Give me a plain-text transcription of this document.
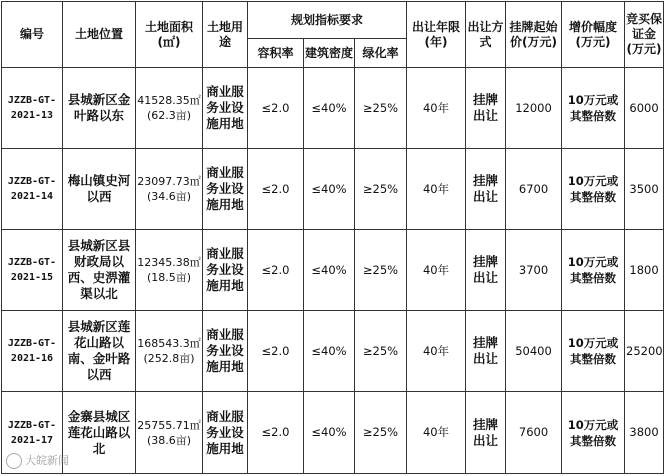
编号	土地位置	土地面积(㎡)	土地用途	规划指标要求			出让年限(年)	出让方式	挂牌起始价(万元)	增价幅度(万元)	竞买保证金(万元)
				容积率	建筑密度	绿化率					
JZZB-GT-2021-13	县城新区金叶路以东	41528.35㎡(62.3亩)	商业服务业设施用地	≤2.0	≤40%	≥25%	40年	挂牌出让	12000	10万元或其整倍数	6000
JZZB-GT-2021-14	梅山镇史河以西	23097.73㎡(34.6亩)	商业服务业设施用地	≤2.0	≤40%	≥25%	40年	挂牌出让	6700	10万元或其整倍数	3500
JZZB-GT-2021-15	县城新区县财政局以西、史淠灌渠以北	12345.38㎡(18.5亩)	商业服务业设施用地	≤2.0	≤40%	≥25%	40年	挂牌出让	3700	10万元或其整倍数	1800
JZZB-GT-2021-16	县城新区莲花山路以南、金叶路以西	168543.3㎡(252.8亩)	商业服务业设施用地	≤2.0	≤40%	≥25%	40年	挂牌出让	50400	10万元或其整倍数	25200
JZZB-GT-2021-17	金寨县城区莲花山路以北	25755.71㎡(38.6亩)	商业服务业设施用地	≤2.0	≤40%	≥25%	40年	挂牌出让	7600	10万元或其整倍数	3800
大皖新闻
